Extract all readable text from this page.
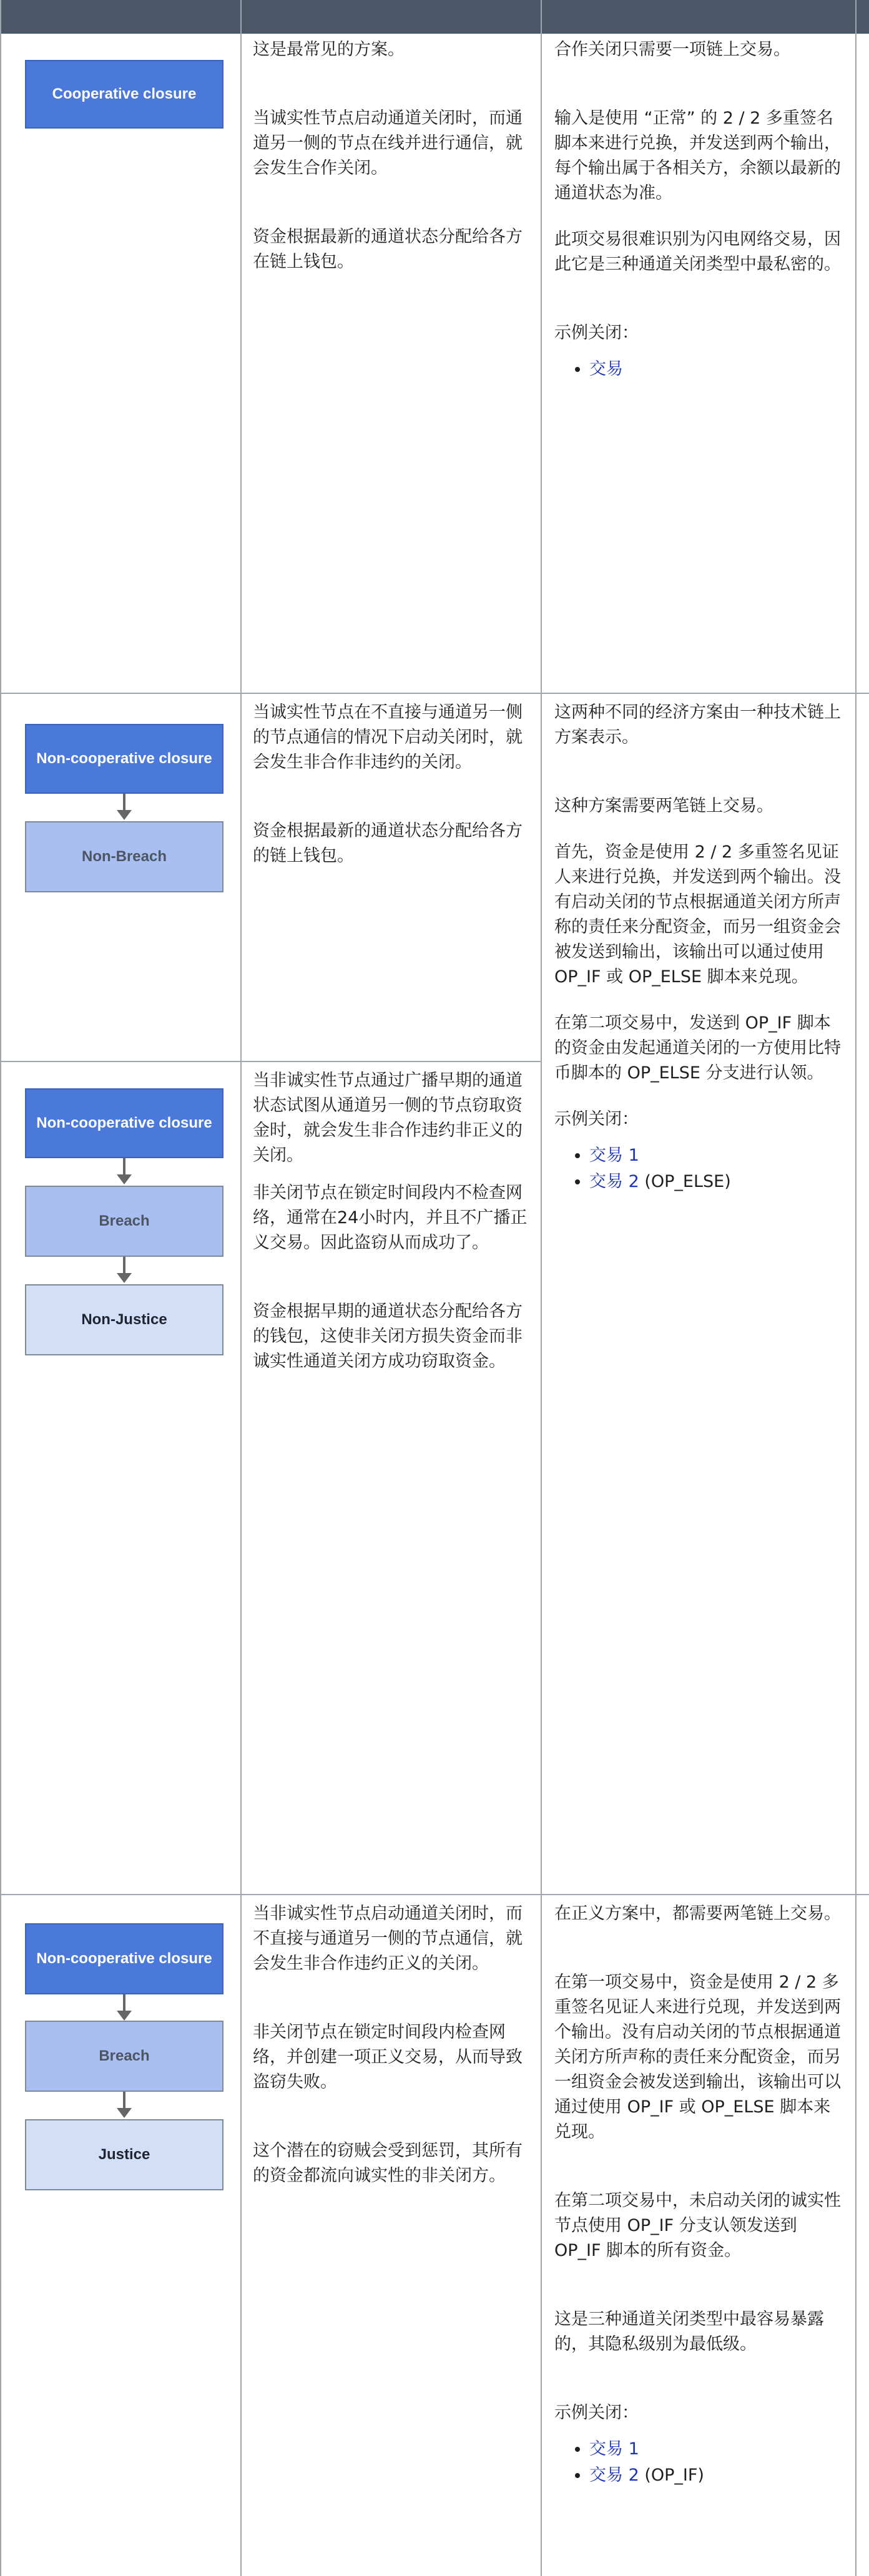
Cooperative closure

这是最常见的方案。

当诚实性节点启动通道关闭时，而通道另一侧的节点在线并进行通信，就会发生合作关闭。

资金根据最新的通道状态分配给各方在链上钱包。

合作关闭只需要一项链上交易。

输入是使用 “正常” 的 2 / 2 多重签名脚本来进行兑换，并发送到两个输出，每个输出属于各相关方，余额以最新的通道状态为准。

此项交易很难识别为闪电网络交易，因此它是三种通道关闭类型中最私密的。

示例关闭：

• 交易
Non-cooperative closure
Non-Breach

当诚实性节点在不直接与通道另一侧的节点通信的情况下启动关闭时，就会发生非合作非违约的关闭。

资金根据最新的通道状态分配给各方的链上钱包。

这两种不同的经济方案由一种技术链上方案表示。

这种方案需要两笔链上交易。

首先，资金是使用 2 / 2 多重签名见证人来进行兑换，并发送到两个输出。没有启动关闭的节点根据通道关闭方所声称的责任来分配资金，而另一组资金会被发送到输出，该输出可以通过使用 OP_IF 或 OP_ELSE 脚本来兑现。

在第二项交易中，发送到 OP_IF 脚本的资金由发起通道关闭的一方使用比特币脚本的 OP_ELSE 分支进行认领。

示例关闭：

• 交易 1
• 交易 2 (OP_ELSE)
Non-cooperative closure
Breach
Non-Justice

当非诚实性节点通过广播早期的通道状态试图从通道另一侧的节点窃取资金时，就会发生非合作违约非正义的关闭。

非关闭节点在锁定时间段内不检查网络，通常在24小时内，并且不广播正义交易。因此盗窃从而成功了。

资金根据早期的通道状态分配给各方的钱包，这使非关闭方损失资金而非诚实性通道关闭方成功窃取资金。

Non-cooperative closure
Breach
Justice

当非诚实性节点启动通道关闭时，而不直接与通道另一侧的节点通信，就会发生非合作违约正义的关闭。

非关闭节点在锁定时间段内检查网络，并创建一项正义交易，从而导致盗窃失败。

这个潜在的窃贼会受到惩罚，其所有的资金都流向诚实性的非关闭方。

在正义方案中，都需要两笔链上交易。

在第一项交易中，资金是使用 2 / 2 多重签名见证人来进行兑现，并发送到两个输出。没有启动关闭的节点根据通道关闭方所声称的责任来分配资金，而另一组资金会被发送到输出，该输出可以通过使用 OP_IF 或 OP_ELSE 脚本来兑现。

在第二项交易中，未启动关闭的诚实性节点使用 OP_IF 分支认领发送到 OP_IF 脚本的所有资金。

这是三种通道关闭类型中最容易暴露的，其隐私级别为最低级。

示例关闭：

• 交易 1
• 交易 2 (OP_IF)
